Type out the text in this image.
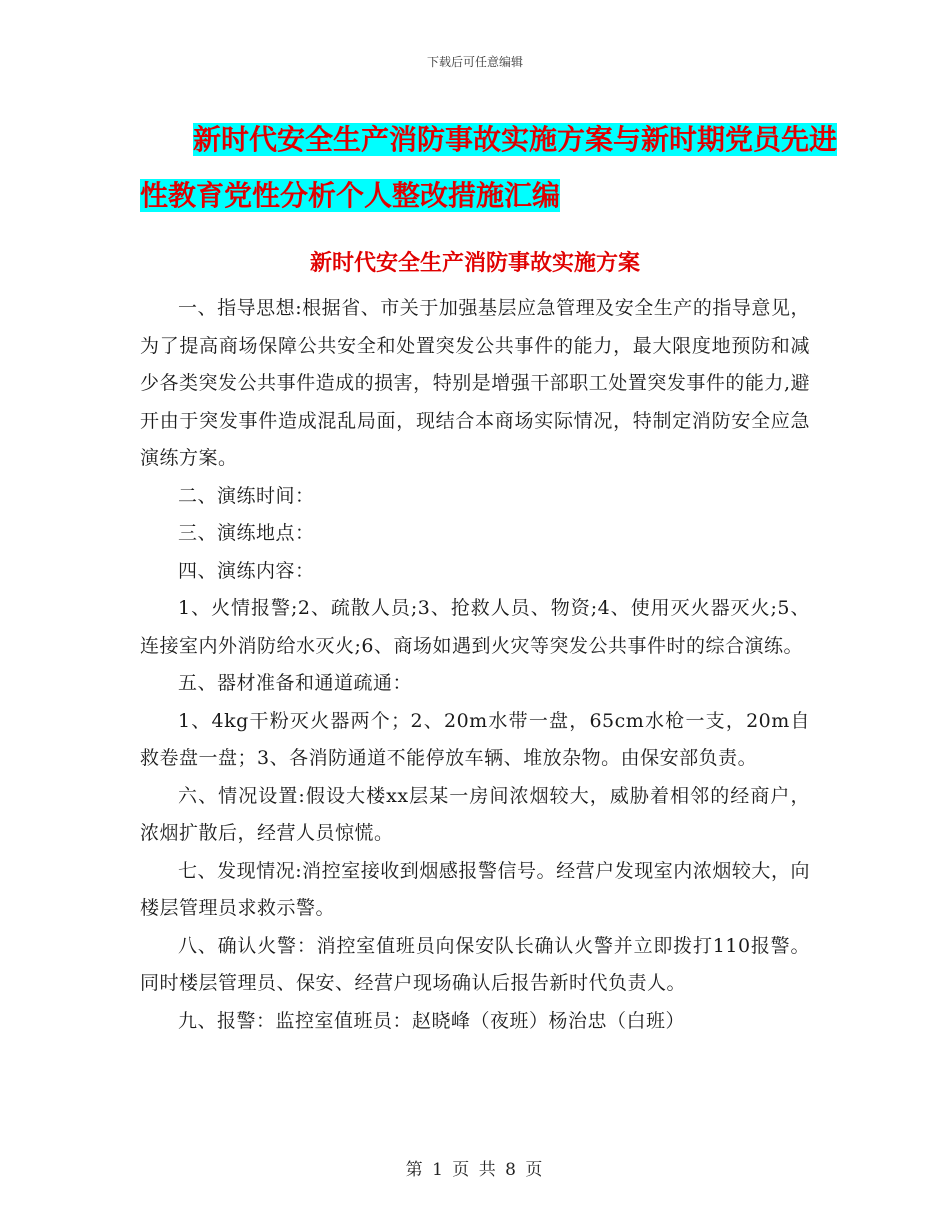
下载后可任意编辑
新时代安全生产消防事故实施方案与新时期党员先进
性教育党性分析个人整改措施汇编
新时代安全生产消防事故实施方案

一、指导思想:根据省、市关于加强基层应急管理及安全生产的指导意见，为了提高商场保障公共安全和处置突发公共事件的能力，最大限度地预防和减少各类突发公共事件造成的损害，特别是增强干部职工处置突发事件的能力,避开由于突发事件造成混乱局面，现结合本商场实际情况，特制定消防安全应急演练方案。

二、演练时间：

三、演练地点：

四、演练内容：

1、火情报警;2、疏散人员;3、抢救人员、物资;4、使用灭火器灭火;5、连接室内外消防给水灭火;6、商场如遇到火灾等突发公共事件时的综合演练。

五、器材准备和通道疏通：

1、4kg干粉灭火器两个；2、20m水带一盘，65cm水枪一支，20m自救卷盘一盘；3、各消防通道不能停放车辆、堆放杂物。由保安部负责。

六、情况设置:假设大楼xx层某一房间浓烟较大，威胁着相邻的经商户，浓烟扩散后，经营人员惊慌。

七、发现情况:消控室接收到烟感报警信号。经营户发现室内浓烟较大，向楼层管理员求救示警。

八、确认火警：消控室值班员向保安队长确认火警并立即拨打110报警。同时楼层管理员、保安、经营户现场确认后报告新时代负责人。

九、报警：监控室值班员：赵晓峰（夜班）杨治忠（白班）

第 1 页 共 8 页
